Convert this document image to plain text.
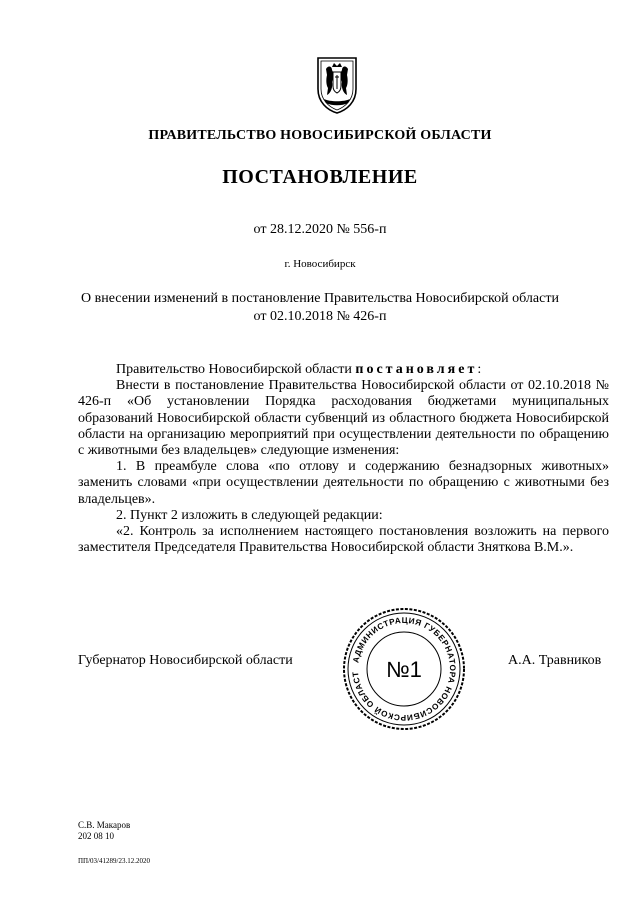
ПРАВИТЕЛЬСТВО НОВОСИБИРСКОЙ ОБЛАСТИ
ПОСТАНОВЛЕНИЕ
от 28.12.2020 № 556-п
г. Новосибирск
О внесении изменений в постановление Правительства Новосибирской области
от 02.10.2018 № 426-п

Правительство Новосибирской области постановляет:

Внести в постановление Правительства Новосибирской области от 02.10.2018 № 426-п «Об установлении Порядка расходования бюджетами муниципальных образований Новосибирской области субвенций из областного бюджета Новосибирской области на организацию мероприятий при осуществлении деятельности по обращению с животными без владельцев» следующие изменения:

1. В преамбуле слова «по отлову и содержанию безнадзорных животных» заменить словами «при осуществлении деятельности по обращению с животными без владельцев».

2. Пункт 2 изложить в следующей редакции:

«2. Контроль за исполнением настоящего постановления возложить на первого заместителя Председателя Правительства Новосибирской области Зняткова В.М.».

Губернатор Новосибирской области	А.А. Травников
АДМИНИСТРАЦИЯ ГУБЕРНАТОРА НОВОСИБИРСКОЙ ОБЛАСТ	№1
С.В. Макаров
202 08 10
ПП/03/41289/23.12.2020
